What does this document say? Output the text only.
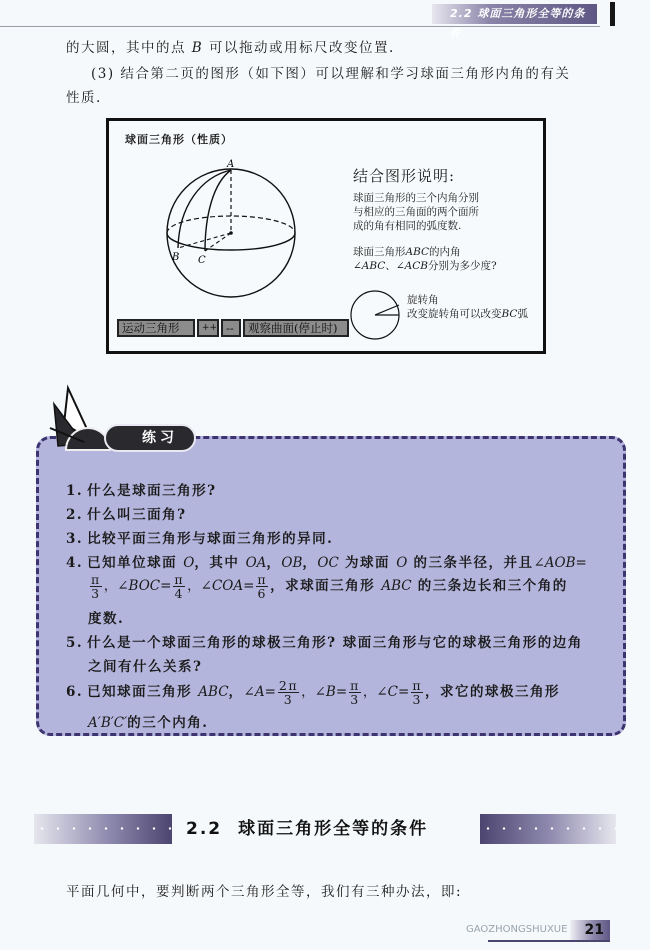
2.2 球面三角形全等的条件
的大圆，其中的点 B 可以拖动或用标尺改变位置.
(3) 结合第二页的图形（如下图）可以理解和学习球面三角形内角的有关
性质.
球面三角形（性质）
A
B C
运动三角形	++ --	观察曲面(停止时)
结合图形说明:
球面三角形的三个内角分别
与相应的三角面的两个面所
成的角有相同的弧度数.
球面三角形ABC的内角
∠ABC、∠ACB分别为多少度?
旋转角
改变旋转角可以改变BC弧
练习
1. 什么是球面三角形?
2. 什么叫三面角?
3. 比较平面三角形与球面三角形的异同.
4. 已知单位球面 O，其中 OA，OB，OC 为球面 O 的三条半径，并且∠AOB=
$\frac{\pi}{3}$ ，∠BOC= $\frac{\pi}{4}$ ，∠COA= $\frac{\pi}{6}$ ，求球面三角形 ABC 的三条边长和三个角的
度数.
5. 什么是一个球面三角形的球极三角形? 球面三角形与它的球极三角形的边角
之间有什么关系?
6. 已知球面三角形 ABC，∠A= $\frac{2\pi}{3}$ ，∠B= $\frac{\pi}{3}$ ，∠C= $\frac{\pi}{3}$ ，求它的球极三角形
A′B′C′的三个内角.
2.2 球面三角形全等的条件
平面几何中，要判断两个三角形全等，我们有三种办法，即:
GAOZHONGSHUXUE 21
